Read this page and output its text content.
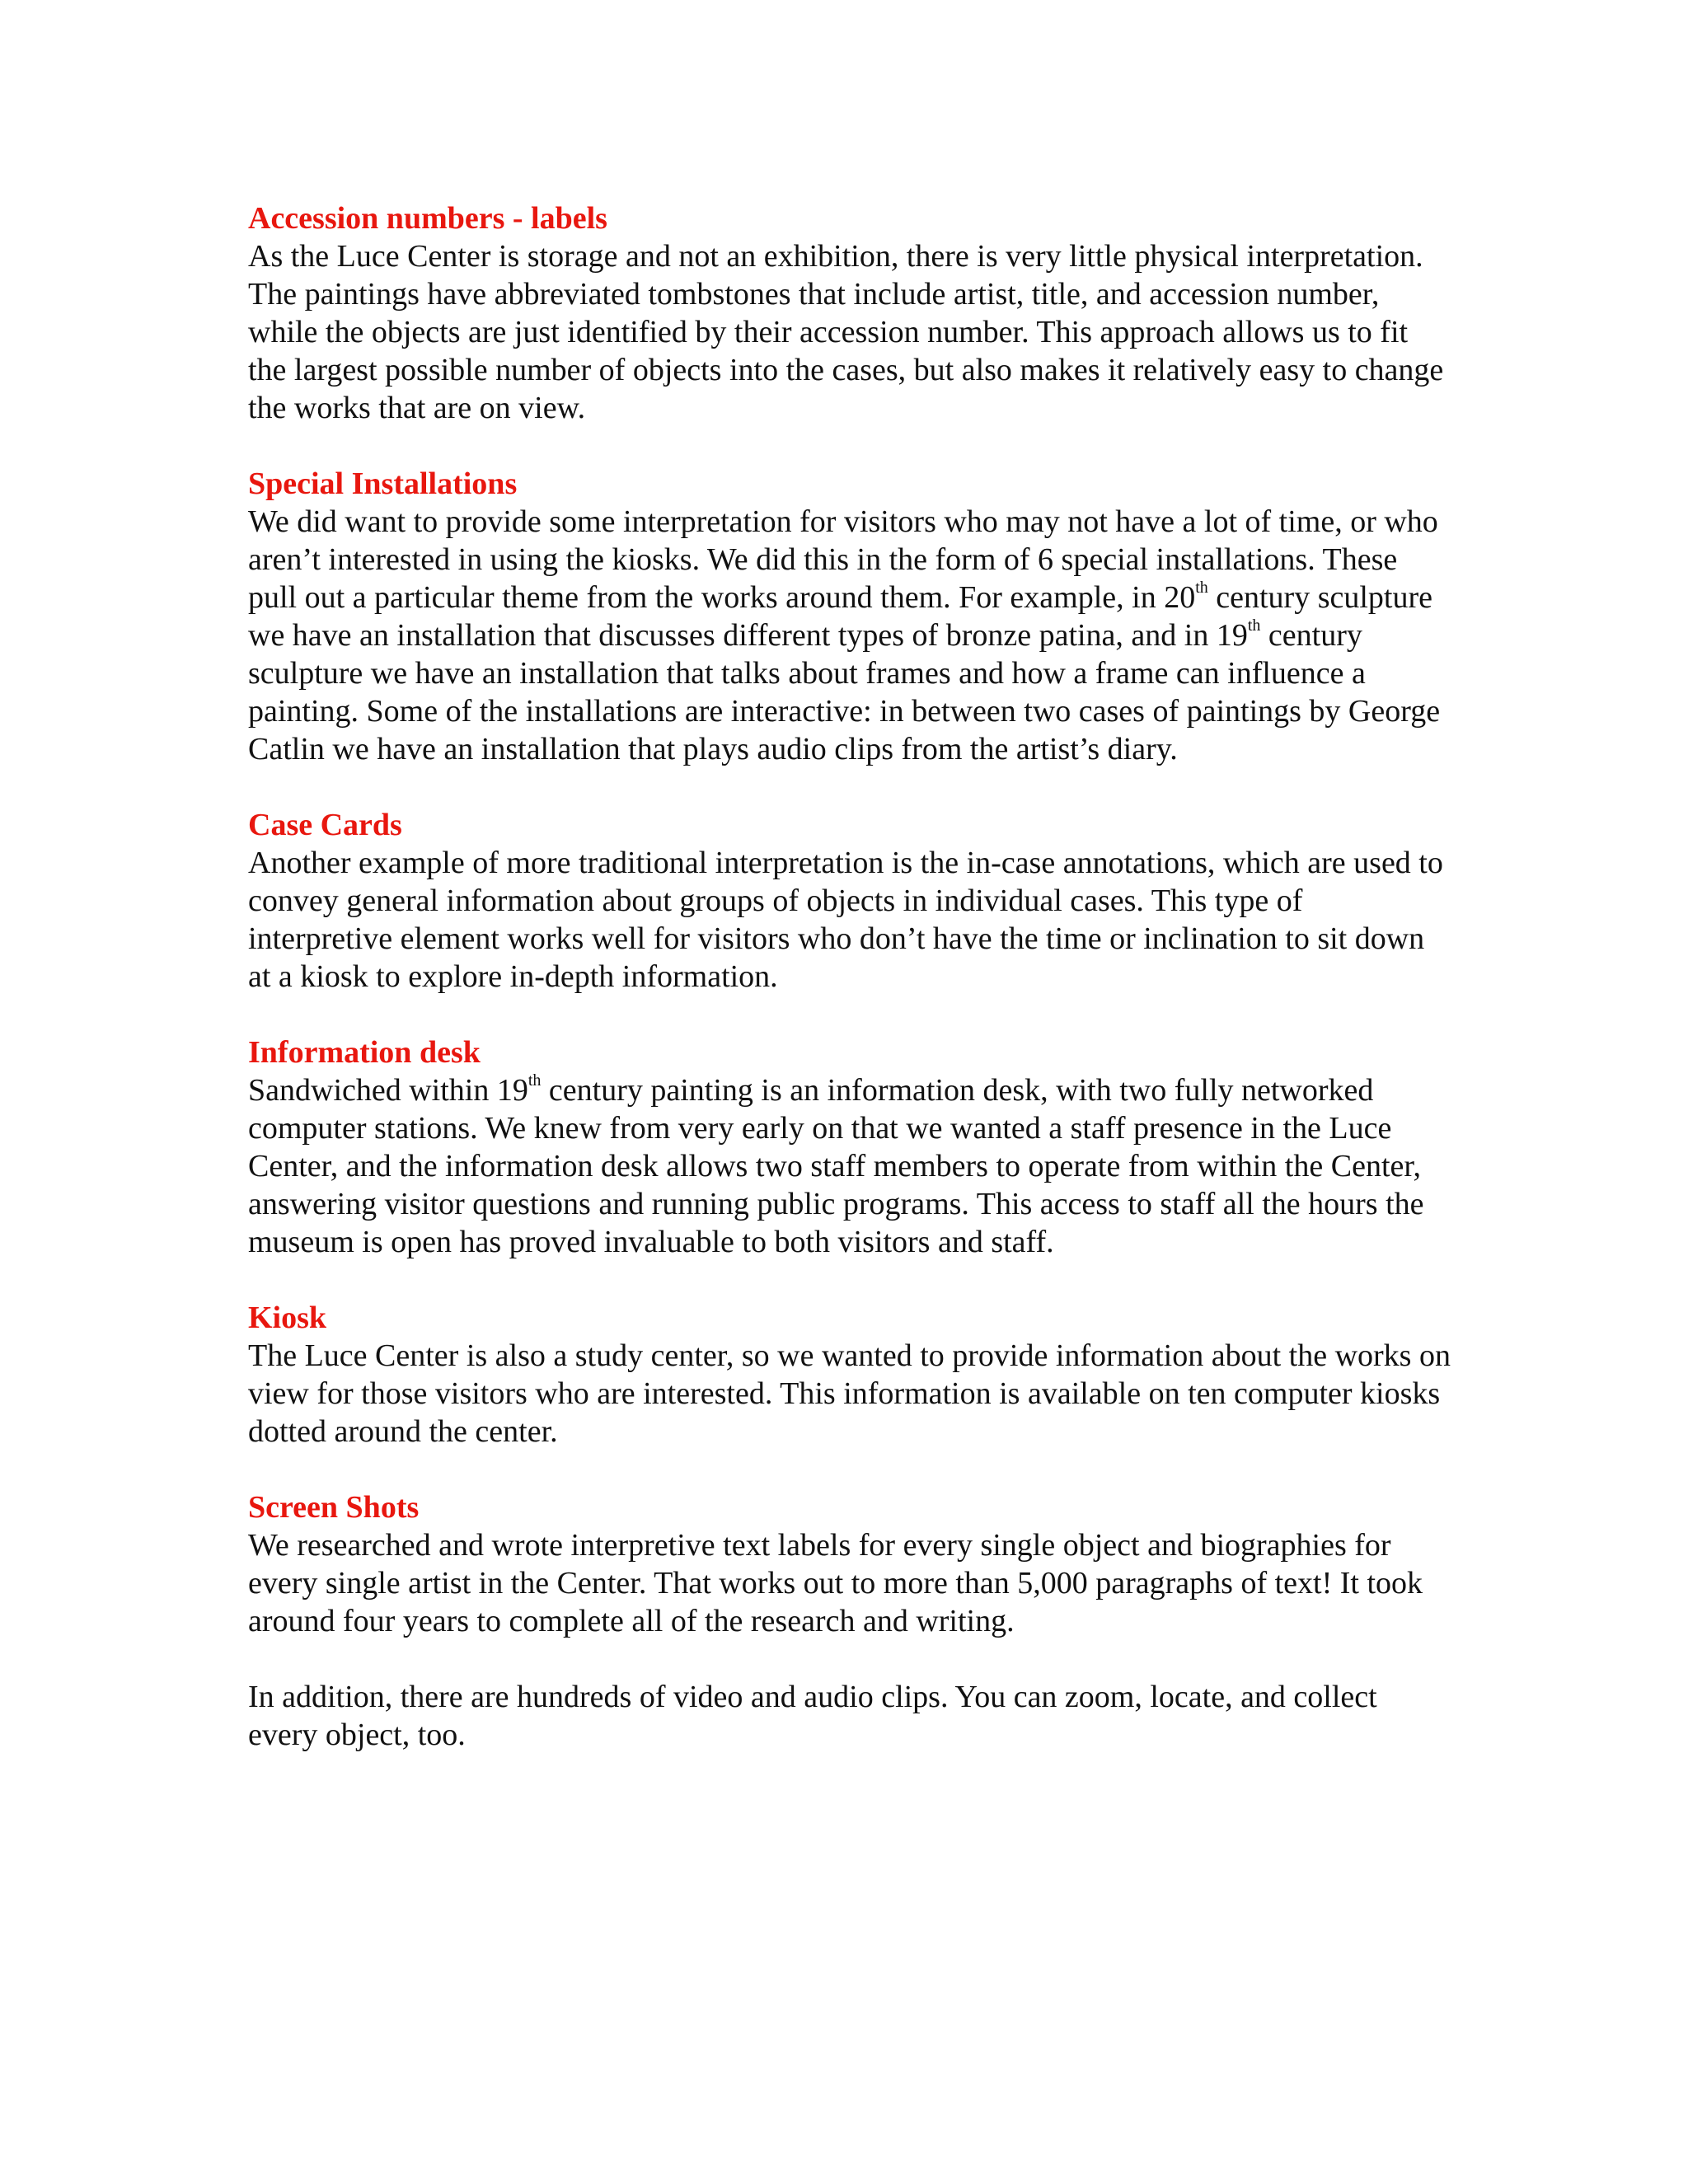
Accession numbers - labels

As the Luce Center is storage and not an exhibition, there is very little physical interpretation. The paintings have abbreviated tombstones that include artist, title, and accession number, while the objects are just identified by their accession number. This approach allows us to fit the largest possible number of objects into the cases, but also makes it relatively easy to change the works that are on view.

Special Installations

We did want to provide some interpretation for visitors who may not have a lot of time, or who aren’t interested in using the kiosks. We did this in the form of 6 special installations. These pull out a particular theme from the works around them. For example, in 20th century sculpture we have an installation that discusses different types of bronze patina, and in 19th century sculpture we have an installation that talks about frames and how a frame can influence a painting. Some of the installations are interactive: in between two cases of paintings by George Catlin we have an installation that plays audio clips from the artist’s diary.

Case Cards

Another example of more traditional interpretation is the in-case annotations, which are used to convey general information about groups of objects in individual cases. This type of interpretive element works well for visitors who don’t have the time or inclination to sit down at a kiosk to explore in-depth information.

Information desk

Sandwiched within 19th century painting is an information desk, with two fully networked computer stations. We knew from very early on that we wanted a staff presence in the Luce Center, and the information desk allows two staff members to operate from within the Center, answering visitor questions and running public programs. This access to staff all the hours the museum is open has proved invaluable to both visitors and staff.

Kiosk

The Luce Center is also a study center, so we wanted to provide information about the works on view for those visitors who are interested. This information is available on ten computer kiosks dotted around the center.

Screen Shots

We researched and wrote interpretive text labels for every single object and biographies for every single artist in the Center. That works out to more than 5,000 paragraphs of text! It took around four years to complete all of the research and writing.

In addition, there are hundreds of video and audio clips. You can zoom, locate, and collect every object, too.
